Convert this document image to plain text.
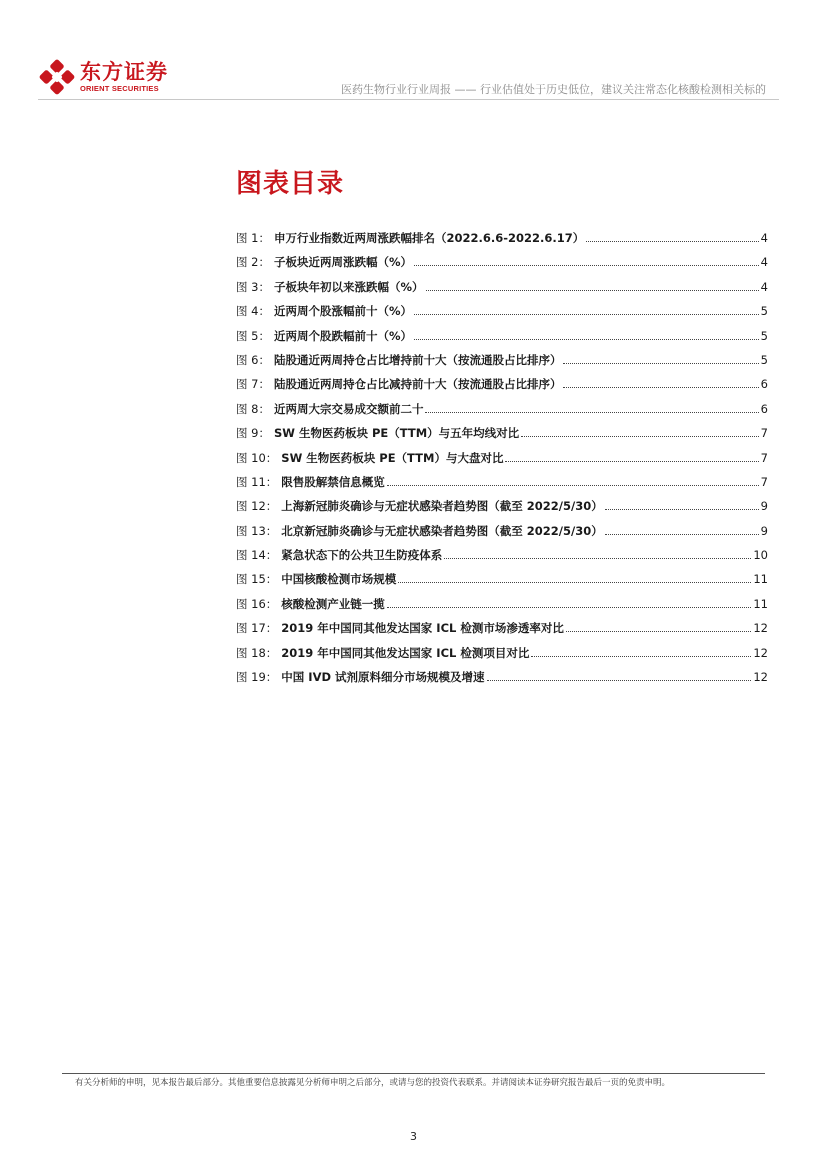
东方证券
ORIENT SECURITIES	医药生物行业行业周报 —— 行业估值处于历史低位，建议关注常态化核酸检测相关标的
图表目录
图 1： 申万行业指数近两周涨跌幅排名（2022.6.6-2022.6.17）	4
图 2： 子板块近两周涨跌幅（%）	4
图 3： 子板块年初以来涨跌幅（%）	4
图 4： 近两周个股涨幅前十（%）	5
图 5： 近两周个股跌幅前十（%）	5
图 6： 陆股通近两周持仓占比增持前十大（按流通股占比排序）	5
图 7： 陆股通近两周持仓占比减持前十大（按流通股占比排序）	6
图 8： 近两周大宗交易成交额前二十	6
图 9： SW 生物医药板块 PE（TTM）与五年均线对比	7
图 10： SW 生物医药板块 PE（TTM）与大盘对比	7
图 11： 限售股解禁信息概览	7
图 12： 上海新冠肺炎确诊与无症状感染者趋势图（截至 2022/5/30）	9
图 13： 北京新冠肺炎确诊与无症状感染者趋势图（截至 2022/5/30）	9
图 14： 紧急状态下的公共卫生防疫体系	10
图 15： 中国核酸检测市场规模	11
图 16： 核酸检测产业链一揽	11
图 17： 2019 年中国同其他发达国家 ICL 检测市场渗透率对比	12
图 18： 2019 年中国同其他发达国家 ICL 检测项目对比	12
图 19： 中国 IVD 试剂原料细分市场规模及增速	12
有关分析师的申明，见本报告最后部分。其他重要信息披露见分析师申明之后部分，或请与您的投资代表联系。并请阅读本证券研究报告最后一页的免责申明。
3
